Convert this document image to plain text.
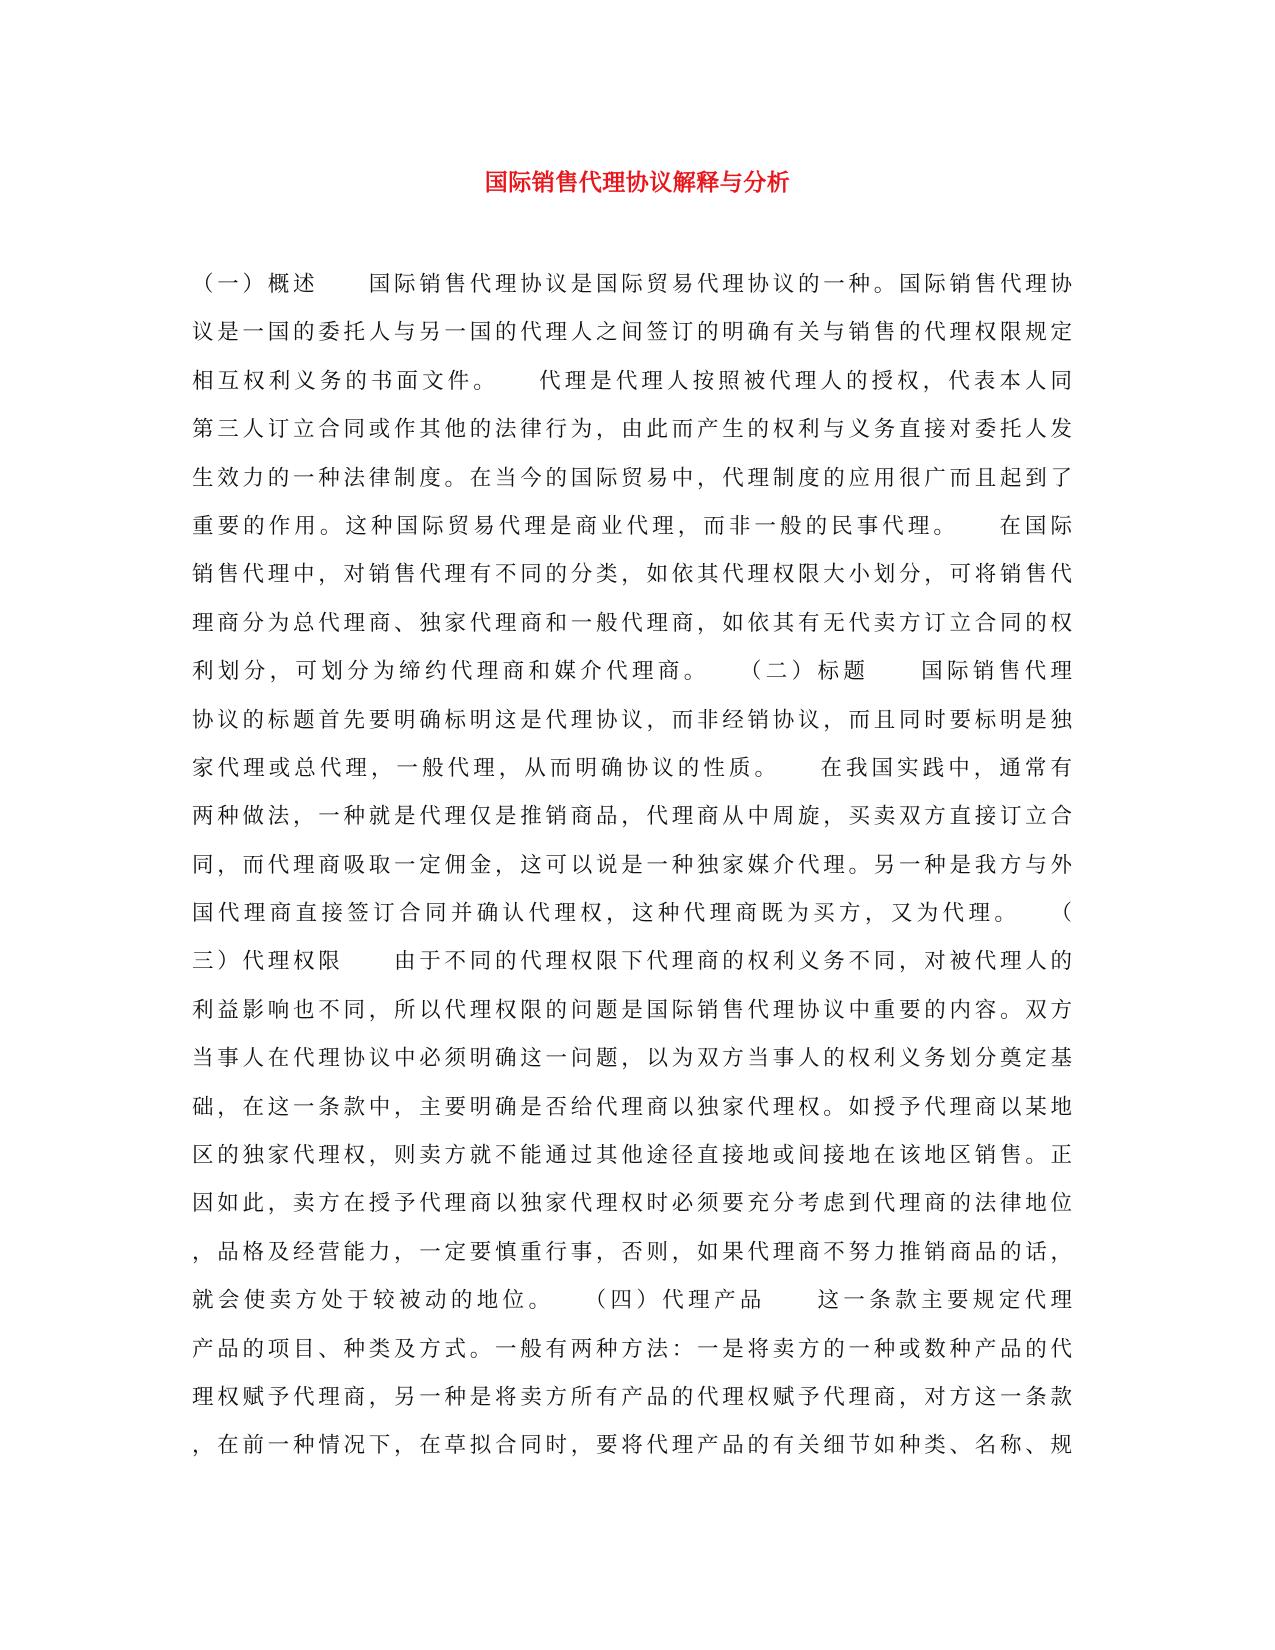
国际销售代理协议解释与分析
（一）概述　　国际销售代理协议是国际贸易代理协议的一种。国际销售代理协
议是一国的委托人与另一国的代理人之间签订的明确有关与销售的代理权限规定
相互权利义务的书面文件。　　代理是代理人按照被代理人的授权，代表本人同
第三人订立合同或作其他的法律行为，由此而产生的权利与义务直接对委托人发
生效力的一种法律制度。在当今的国际贸易中，代理制度的应用很广而且起到了
重要的作用。这种国际贸易代理是商业代理，而非一般的民事代理。　　在国际
销售代理中，对销售代理有不同的分类，如依其代理权限大小划分，可将销售代
理商分为总代理商、独家代理商和一般代理商，如依其有无代卖方订立合同的权
利划分，可划分为缔约代理商和媒介代理商。　　（二）标题　　国际销售代理
协议的标题首先要明确标明这是代理协议，而非经销协议，而且同时要标明是独
家代理或总代理，一般代理，从而明确协议的性质。　　在我国实践中，通常有
两种做法，一种就是代理仅是推销商品，代理商从中周旋，买卖双方直接订立合
同，而代理商吸取一定佣金，这可以说是一种独家媒介代理。另一种是我方与外
国代理商直接签订合同并确认代理权，这种代理商既为买方，又为代理。　　（
三）代理权限　　由于不同的代理权限下代理商的权利义务不同，对被代理人的
利益影响也不同，所以代理权限的问题是国际销售代理协议中重要的内容。双方
当事人在代理协议中必须明确这一问题，以为双方当事人的权利义务划分奠定基
础，在这一条款中，主要明确是否给代理商以独家代理权。如授予代理商以某地
区的独家代理权，则卖方就不能通过其他途径直接地或间接地在该地区销售。正
因如此，卖方在授予代理商以独家代理权时必须要充分考虑到代理商的法律地位
，品格及经营能力，一定要慎重行事，否则，如果代理商不努力推销商品的话，
就会使卖方处于较被动的地位。　　（四）代理产品　　这一条款主要规定代理
产品的项目、种类及方式。一般有两种方法：一是将卖方的一种或数种产品的代
理权赋予代理商，另一种是将卖方所有产品的代理权赋予代理商，对方这一条款
，在前一种情况下，在草拟合同时，要将代理产品的有关细节如种类、名称、规
